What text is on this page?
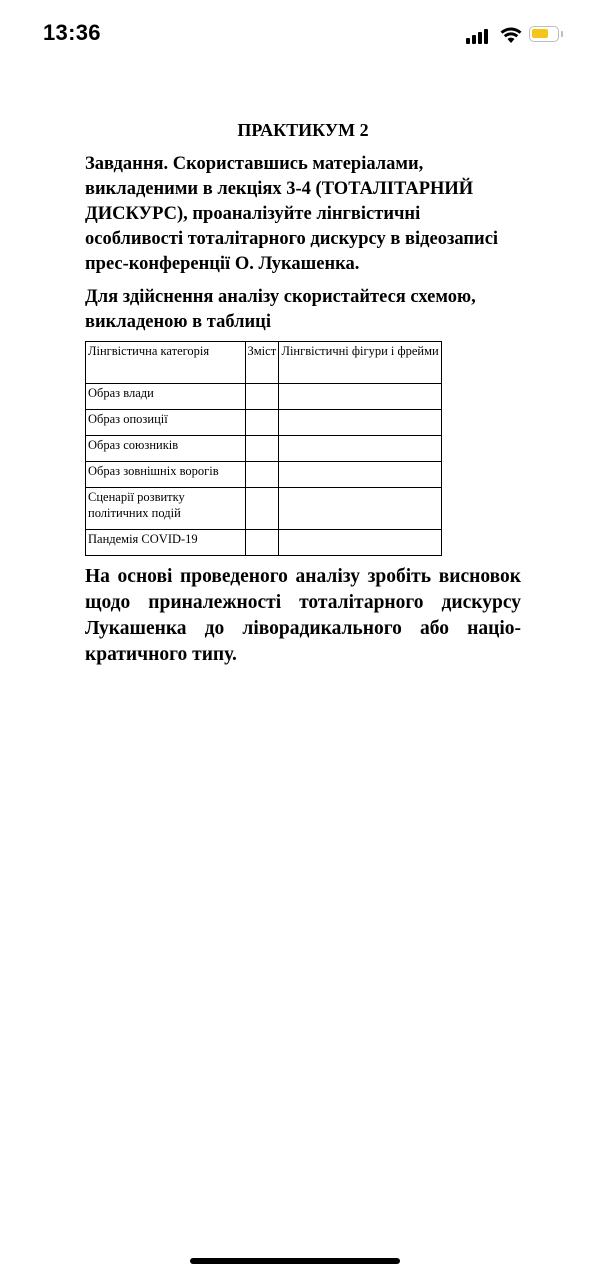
13:36

ПРАКТИКУМ 2

Завдання. Скориставшись матеріалами, викладеними в лекціях 3-4 (ТОТАЛІТАРНИЙ ДИСКУРС), проаналізуйте лінгвістичні особливості тоталітарного дискурсу в відеозаписі прес-конференції О. Лукашенка.

Для здійснення аналізу скористайтеся схемою, викладеною в таблиці

Лінгвістична категорія	Зміст	Лінгвістичні фігури і фрейми
Образ влади		
Образ опозиції		
Образ союзників		
Образ зовнішніх ворогів		
Сценарії розвитку політичних подій		
Пандемія COVID-19		

На основі проведеного аналізу зробіть висновок щодо приналежності тоталітарного дискурсу Лукашенка до ліворадикального або націо-кратичного типу.
